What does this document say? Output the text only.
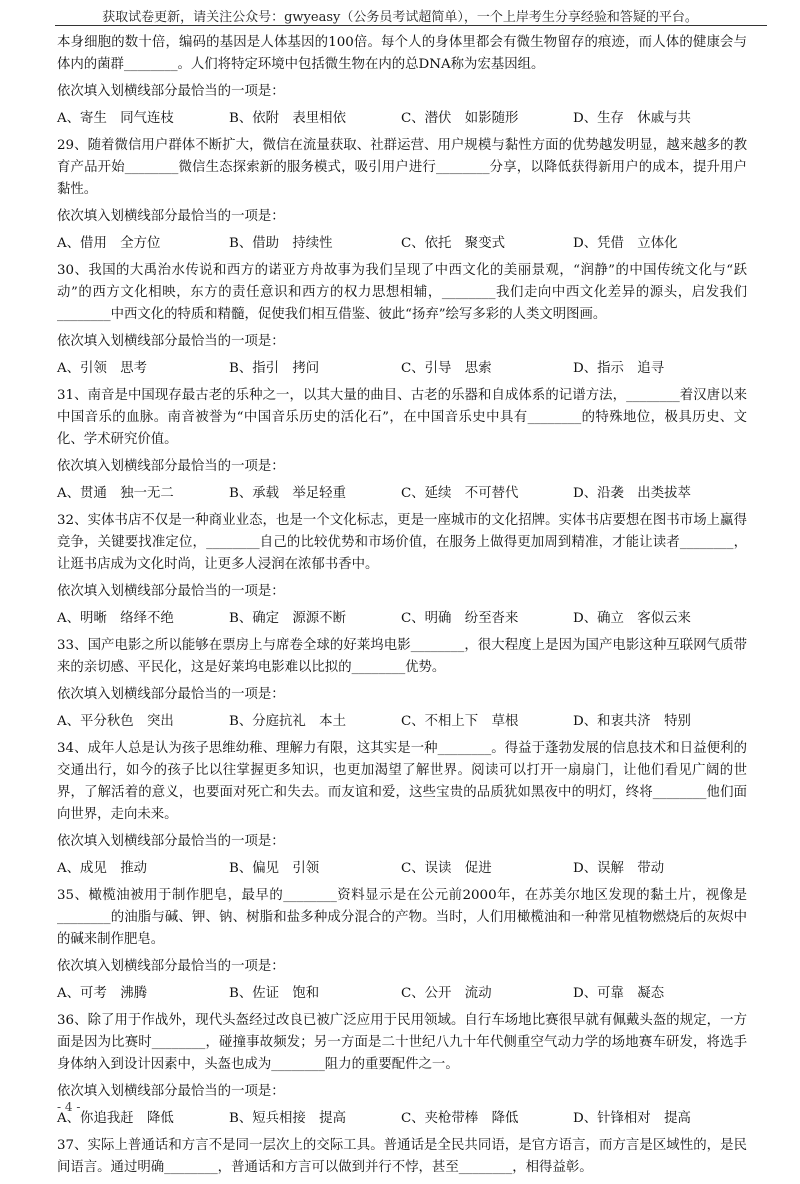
获取试卷更新，请关注公众号：gwyeasy（公务员考试超简单），一个上岸考生分享经验和答疑的平台。
本身细胞的数十倍，编码的基因是人体基因的100倍。每个人的身体里都会有微生物留存的痕迹，而人体的健康会与体内的菌群________。人们将特定环境中包括微生物在内的总DNA称为宏基因组。
依次填入划横线部分最恰当的一项是：
A、寄生　同气连枝	B、依附　表里相依	C、潜伏　如影随形	D、生存　休戚与共
29、随着微信用户群体不断扩大，微信在流量获取、社群运营、用户规模与黏性方面的优势越发明显，越来越多的教育产品开始________微信生态探索新的服务模式，吸引用户进行________分享，以降低获得新用户的成本，提升用户黏性。
依次填入划横线部分最恰当的一项是：
A、借用　全方位	B、借助　持续性	C、依托　聚变式	D、凭借　立体化
30、我国的大禹治水传说和西方的诺亚方舟故事为我们呈现了中西文化的美丽景观，“润静”的中国传统文化与“跃动”的西方文化相映，东方的责任意识和西方的权力思想相辅，________我们走向中西文化差异的源头，启发我们________中西文化的特质和精髓，促使我们相互借鉴、彼此“扬弃”绘写多彩的人类文明图画。
依次填入划横线部分最恰当的一项是：
A、引领　思考	B、指引　拷问	C、引导　思索	D、指示　追寻
31、南音是中国现存最古老的乐种之一，以其大量的曲目、古老的乐器和自成体系的记谱方法，________着汉唐以来中国音乐的血脉。南音被誉为“中国音乐历史的活化石”，在中国音乐史中具有________的特殊地位，极具历史、文化、学术研究价值。
依次填入划横线部分最恰当的一项是：
A、贯通　独一无二	B、承载　举足轻重	C、延续　不可替代	D、沿袭　出类拔萃
32、实体书店不仅是一种商业业态，也是一个文化标志，更是一座城市的文化招牌。实体书店要想在图书市场上赢得竞争，关键要找准定位，________自己的比较优势和市场价值，在服务上做得更加周到精准，才能让读者________，让逛书店成为文化时尚，让更多人浸润在浓郁书香中。
依次填入划横线部分最恰当的一项是：
A、明晰　络绎不绝	B、确定　源源不断	C、明确　纷至沓来	D、确立　客似云来
33、国产电影之所以能够在票房上与席卷全球的好莱坞电影________，很大程度上是因为国产电影这种互联网气质带来的亲切感、平民化，这是好莱坞电影难以比拟的________优势。
依次填入划横线部分最恰当的一项是：
A、平分秋色　突出	B、分庭抗礼　本土	C、不相上下　草根	D、和衷共济　特别
34、成年人总是认为孩子思维幼稚、理解力有限，这其实是一种________。得益于蓬勃发展的信息技术和日益便利的交通出行，如今的孩子比以往掌握更多知识，也更加渴望了解世界。阅读可以打开一扇扇门，让他们看见广阔的世界，了解活着的意义，也要面对死亡和失去。而友谊和爱，这些宝贵的品质犹如黑夜中的明灯，终将________他们面向世界，走向未来。
依次填入划横线部分最恰当的一项是：
A、成见　推动	B、偏见　引领	C、误读　促进	D、误解　带动
35、橄榄油被用于制作肥皂，最早的________资料显示是在公元前2000年，在苏美尔地区发现的黏土片，视像是________的油脂与碱、钾、钠、树脂和盐多种成分混合的产物。当时，人们用橄榄油和一种常见植物燃烧后的灰烬中的碱来制作肥皂。
依次填入划横线部分最恰当的一项是：
A、可考　沸腾	B、佐证　饱和	C、公开　流动	D、可靠　凝态
36、除了用于作战外，现代头盔经过改良已被广泛应用于民用领域。自行车场地比赛很早就有佩戴头盔的规定，一方面是因为比赛时________，碰撞事故频发；另一方面是二十世纪八九十年代侧重空气动力学的场地赛车研发，将选手身体纳入到设计因素中，头盔也成为________阻力的重要配件之一。
依次填入划横线部分最恰当的一项是：
A、你追我赶　降低	B、短兵相接　提高	C、夹枪带棒　降低	D、针锋相对　提高
37、实际上普通话和方言不是同一层次上的交际工具。普通话是全民共同语，是官方语言，而方言是区域性的，是民间语言。通过明确________，普通话和方言可以做到并行不悖，甚至________，相得益彰。
- 4 -
